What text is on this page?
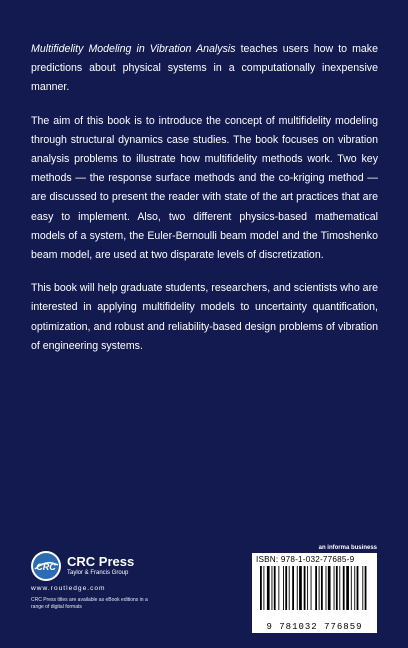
Multifidelity Modeling in Vibration Analysis teaches users how to make predictions about physical systems in a computationally inexpensive manner.

The aim of this book is to introduce the concept of multifidelity modeling through structural dynamics case studies. The book focuses on vibration analysis problems to illustrate how multifidelity methods work. Two key methods — the response surface methods and the co-kriging method — are discussed to present the reader with state of the art practices that are easy to implement. Also, two different physics-based mathematical models of a system, the Euler-Bernoulli beam model and the Timoshenko beam model, are used at two disparate levels of discretization.

This book will help graduate students, researchers, and scientists who are interested in applying multifidelity models to uncertainty quantification, optimization, and robust and reliability-based design problems of vibration of engineering systems.

CRC CRC Press
Taylor & Francis Group
www.routledge.com
CRC Press titles are available as eBook editions in a range of digital formats
an informa business
ISBN: 978-1-032-77685-9
9 781032 776859
